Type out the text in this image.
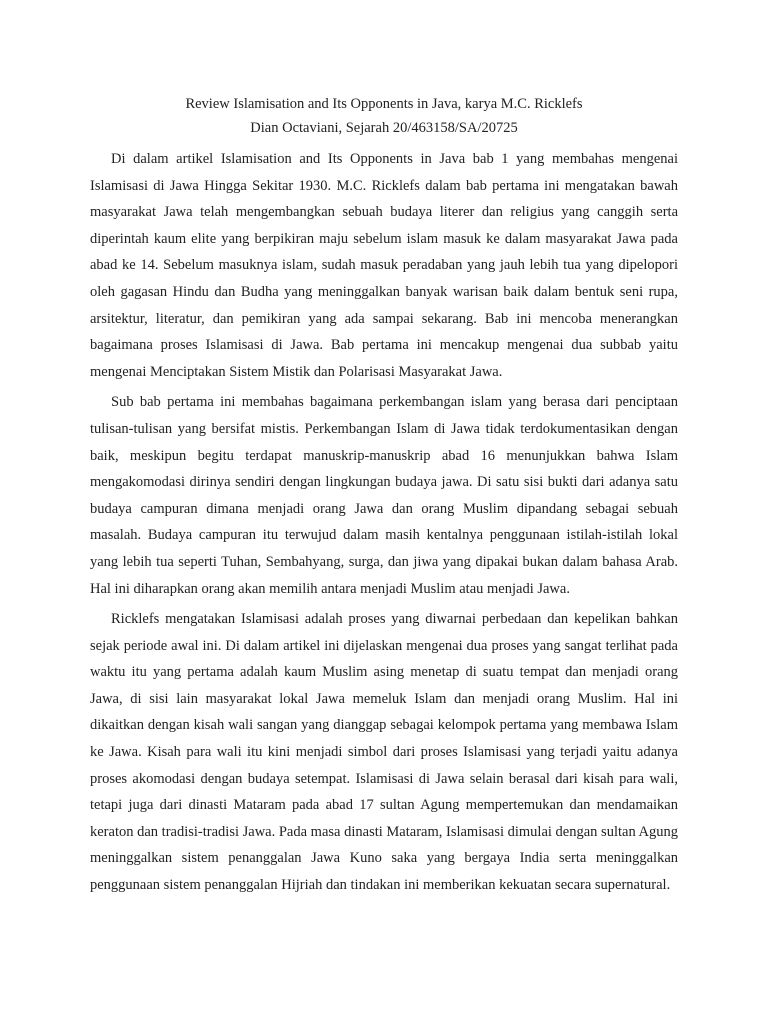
Review Islamisation and Its Opponents in Java, karya M.C. Ricklefs

Dian Octaviani, Sejarah 20/463158/SA/20725

Di dalam artikel Islamisation and Its Opponents in Java bab 1 yang membahas mengenai Islamisasi di Jawa Hingga Sekitar 1930. M.C. Ricklefs dalam bab pertama ini mengatakan bawah masyarakat Jawa telah mengembangkan sebuah budaya literer dan religius yang canggih serta diperintah kaum elite yang berpikiran maju sebelum islam masuk ke dalam masyarakat Jawa pada abad ke 14. Sebelum masuknya islam, sudah masuk peradaban yang jauh lebih tua yang dipelopori oleh gagasan Hindu dan Budha yang meninggalkan banyak warisan baik dalam bentuk seni rupa, arsitektur, literatur, dan pemikiran yang ada sampai sekarang. Bab ini mencoba menerangkan bagaimana proses Islamisasi di Jawa. Bab pertama ini mencakup mengenai dua subbab yaitu mengenai Menciptakan Sistem Mistik dan Polarisasi Masyarakat Jawa.

Sub bab pertama ini membahas bagaimana perkembangan islam yang berasa dari penciptaan tulisan-tulisan yang bersifat mistis. Perkembangan Islam di Jawa tidak terdokumentasikan dengan baik, meskipun begitu terdapat manuskrip-manuskrip abad 16 menunjukkan bahwa Islam mengakomodasi dirinya sendiri dengan lingkungan budaya jawa. Di satu sisi bukti dari adanya satu budaya campuran dimana menjadi orang Jawa dan orang Muslim dipandang sebagai sebuah masalah. Budaya campuran itu terwujud dalam masih kentalnya penggunaan istilah-istilah lokal yang lebih tua seperti Tuhan, Sembahyang, surga, dan jiwa yang dipakai bukan dalam bahasa Arab. Hal ini diharapkan orang akan memilih antara menjadi Muslim atau menjadi Jawa.

Ricklefs mengatakan Islamisasi adalah proses yang diwarnai perbedaan dan kepelikan bahkan sejak periode awal ini. Di dalam artikel ini dijelaskan mengenai dua proses yang sangat terlihat pada waktu itu yang pertama adalah kaum Muslim asing menetap di suatu tempat dan menjadi orang Jawa, di sisi lain masyarakat lokal Jawa memeluk Islam dan menjadi orang Muslim. Hal ini dikaitkan dengan kisah wali sangan yang dianggap sebagai kelompok pertama yang membawa Islam ke Jawa. Kisah para wali itu kini menjadi simbol dari proses Islamisasi yang terjadi yaitu adanya proses akomodasi dengan budaya setempat. Islamisasi di Jawa selain berasal dari kisah para wali, tetapi juga dari dinasti Mataram pada abad 17 sultan Agung mempertemukan dan mendamaikan keraton dan tradisi-tradisi Jawa. Pada masa dinasti Mataram, Islamisasi dimulai dengan sultan Agung meninggalkan sistem penanggalan Jawa Kuno saka yang bergaya India serta meninggalkan penggunaan sistem penanggalan Hijriah dan tindakan ini memberikan kekuatan secara supernatural.
